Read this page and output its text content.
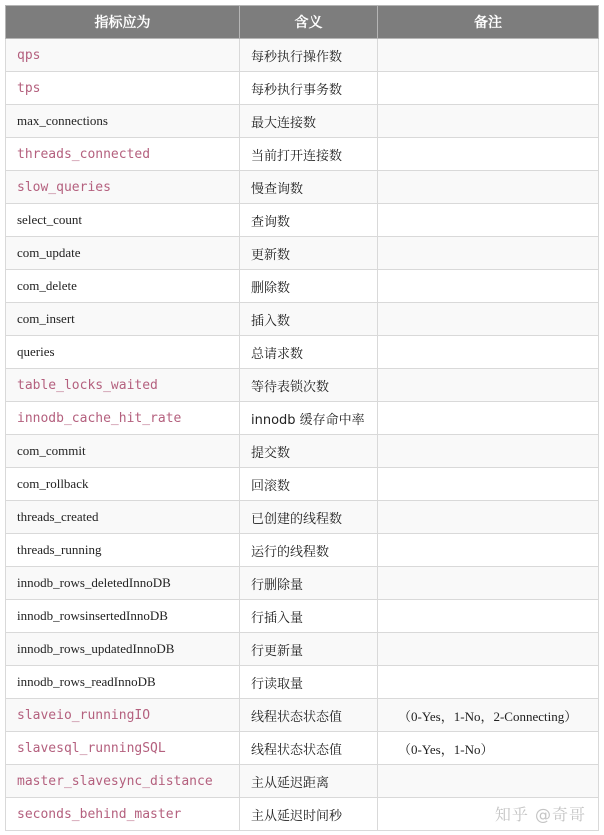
指标应为	含义	备注
qps	每秒执行操作数	
tps	每秒执行事务数	
max_connections	最大连接数	
threads_connected	当前打开连接数	
slow_queries	慢查询数	
select_count	查询数	
com_update	更新数	
com_delete	删除数	
com_insert	插入数	
queries	总请求数	
table_locks_waited	等待表锁次数	
innodb_cache_hit_rate	innodb 缓存命中率	
com_commit	提交数	
com_rollback	回滚数	
threads_created	已创建的线程数	
threads_running	运行的线程数	
innodb_rows_deletedInnoDB	行删除量	
innodb_rowsinsertedInnoDB	行插入量	
innodb_rows_updatedInnoDB	行更新量	
innodb_rows_readInnoDB	行读取量	
slaveio_runningIO	线程状态状态值	（0-Yes，1-No，2-Connecting）
slavesql_runningSQL	线程状态状态值	（0-Yes，1-No）
master_slavesync_distance	主从延迟距离	
seconds_behind_master	主从延迟时间秒		知乎 @奇哥
